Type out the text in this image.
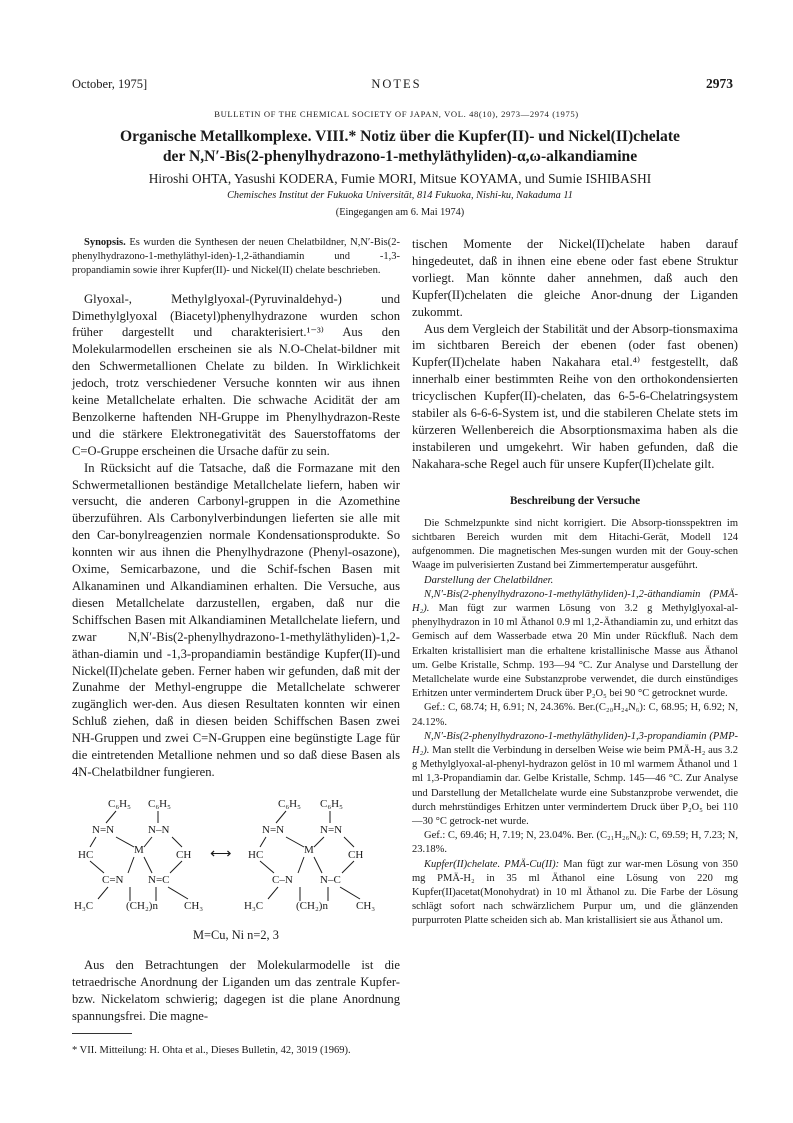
October, 1975]	NOTES	2973
BULLETIN OF THE CHEMICAL SOCIETY OF JAPAN, VOL. 48(10), 2973—2974 (1975)
Organische Metallkomplexe. VIII.* Notiz über die Kupfer(II)- und Nickel(II)chelate
der N,N′-Bis(2-phenylhydrazono-1-methyläthyliden)-α,ω-alkandiamine
Hiroshi OHTA, Yasushi KODERA, Fumie MORI, Mitsue KOYAMA, und Sumie ISHIBASHI
Chemisches Institut der Fukuoka Universität, 814 Fukuoka, Nishi-ku, Nakaduma 11
(Eingegangen am 6. Mai 1974)

Synopsis. Es wurden die Synthesen der neuen Chelatbildner, N,N′-Bis(2-phenylhydrazono-1-methyläthyl-iden)-1,2-äthandiamin und -1,3-propandiamin sowie ihrer Kupfer(II)- und Nickel(II) chelate beschrieben.

Glyoxal-, Methylglyoxal-(Pyruvinaldehyd-) und Dimethylglyoxal (Biacetyl)phenylhydrazone wurden schon früher dargestellt und charakterisiert.¹⁻³⁾ Aus den Molekularmodellen erscheinen sie als N.O-Chelat-bildner mit den Schwermetallionen Chelate zu bilden. In Wirklichkeit jedoch, trotz verschiedener Versuche konnten wir aus ihnen keine Metallchelate erhalten. Die schwache Acidität der am Benzolkerne haftenden NH-Gruppe im Phenylhydrazon-Reste und die stärkere Elektronegativität des Sauerstoffatoms der C=O-Gruppe erscheinen die Ursache dafür zu sein.

In Rücksicht auf die Tatsache, daß die Formazane mit den Schwermetallionen beständige Metallchelate liefern, haben wir versucht, die anderen Carbonyl-gruppen in die Azomethine überzuführen. Als Carbonylverbindungen lieferten sie alle mit den Car-bonylreagenzien normale Kondensationsprodukte. So konnten wir aus ihnen die Phenylhydrazone (Phenyl-osazone), Oxime, Semicarbazone, und die Schif-fschen Basen mit Alkanaminen und Alkandiaminen erhalten. Die Versuche, aus diesen Metallchelate darzustellen, ergaben, daß nur die Schiffschen Basen mit Alkandiaminen Metallchelate liefern, und zwar N,N′-Bis(2-phenylhydrazono-1-methyläthyliden)-1,2-äthan-diamin und -1,3-propandiamin beständige Kupfer(II)-und Nickel(II)chelate geben. Ferner haben wir gefunden, daß mit der Zunahme der Methyl-engruppe die Metallchelate schwerer zugänglich wer-den. Aus diesen Resultaten konnten wir einen Schluß ziehen, daß in diesen beiden Schiffschen Basen zwei NH-Gruppen und zwei C=N-Gruppen eine begünstigte Lage für die eintretenden Metallione nehmen und so daß diese Basen als 4N-Chelatbildner fungieren.

C₆H₅ C₆H₅
N=N	N–N
HC	M	CH
C=N N=C
H₃C	(CH₂)n CH₃
⟷
C₆H₅ C₆H₅
N=N	N=N
HC	M	CH
C–N N–C
H₃C	(CH₂)n	CH₃
M=Cu, Ni n=2, 3

Aus den Betrachtungen der Molekularmodelle ist die tetraedrische Anordnung der Liganden um das zentrale Kupfer- bzw. Nickelatom schwierig; dagegen ist die plane Anordnung spannungsfrei. Die magne-

* VII. Mitteilung: H. Ohta et al., Dieses Bulletin, 42, 3019 (1969).

tischen Momente der Nickel(II)chelate haben darauf hingedeutet, daß in ihnen eine ebene oder fast ebene Struktur vorliegt. Man könnte daher annehmen, daß auch den Kupfer(II)chelaten die gleiche Anor-dnung der Liganden zukommt.

Aus dem Vergleich der Stabilität und der Absorp-tionsmaxima im sichtbaren Bereich der ebenen (oder fast obenen) Kupfer(II)chelate haben Nakahara etal.⁴⁾ festgestellt, daß innerhalb einer bestimmten Reihe von den orthokondensierten tricyclischen Kupfer(II)-chelaten, das 6-5-6-Chelatringsystem stabiler als 6-6-6-System ist, und die stabileren Chelate stets im kürzeren Wellenbereich die Absorptionsmaxima haben als die instabileren und umgekehrt. Wir haben gefunden, daß die Nakahara-sche Regel auch für unsere Kupfer(II)chelate gilt.

Beschreibung der Versuche

Die Schmelzpunkte sind nicht korrigiert. Die Absorp-tionsspektren im sichtbaren Bereich wurden mit dem Hitachi-Gerät, Modell 124 aufgenommen. Die magnetischen Mes-sungen wurden mit der Gouy-schen Waage im pulverisierten Zustand bei Zimmertemperatur ausgeführt.

Darstellung der Chelatbildner.

N,N′-Bis(2-phenylhydrazono-1-methyläthyliden)-1,2-äthandiamin (PMÄ-H₂). Man fügt zur warmen Lösung von 3.2 g Methylglyoxal-al-phenylhydrazon in 10 ml Äthanol 0.9 ml 1,2-Äthandiamin zu, und erhitzt das Gemisch auf dem Wasserbade etwa 20 Min under Rückfluß. Nach dem Erkalten kristallisiert man die erhaltene kristallinische Masse aus Äthanol um. Gelbe Kristalle, Schmp. 193—94 °C. Zur Analyse und Darstellung der Metallchelate wurde eine Substanzprobe verwendet, die durch einstündiges Erhitzen unter vermindertem Druck über P₂O₅ bei 90 °C getrocknet wurde.

Gef.: C, 68.74; H, 6.91; N, 24.36%. Ber.(C₂₀H₂₄N₆): C, 68.95; H, 6.92; N, 24.12%.

N,N′-Bis(2-phenylhydrazono-1-methyläthyliden)-1,3-propandiamin (PMP-H₂). Man stellt die Verbindung in derselben Weise wie beim PMÄ-H₂ aus 3.2 g Methylglyoxal-al-phenyl-hydrazon gelöst in 10 ml warmem Äthanol und 1 ml 1,3-Propandiamin dar. Gelbe Kristalle, Schmp. 145—46 °C. Zur Analyse und Darstellung der Metallchelate wurde eine Substanzprobe verwendet, die durch mehrstündiges Erhitzen unter vermindertem Druck über P₂O₅ bei 110—30 °C getrock-net wurde.

Gef.: C, 69.46; H, 7.19; N, 23.04%. Ber. (C₂₁H₂₆N₆): C, 69.59; H, 7.23; N, 23.18%.

Kupfer(II)chelate. PMÄ-Cu(II): Man fügt zur war-men Lösung von 350 mg PMÄ-H₂ in 35 ml Äthanol eine Lösung von 220 mg Kupfer(II)acetat(Monohydrat) in 10 ml Äthanol zu. Die Farbe der Lösung schlägt sofort nach schwärzlichem Purpur um, und die glänzenden purpurroten Platte scheiden sich ab. Man kristallisiert sie aus Äthanol um.
